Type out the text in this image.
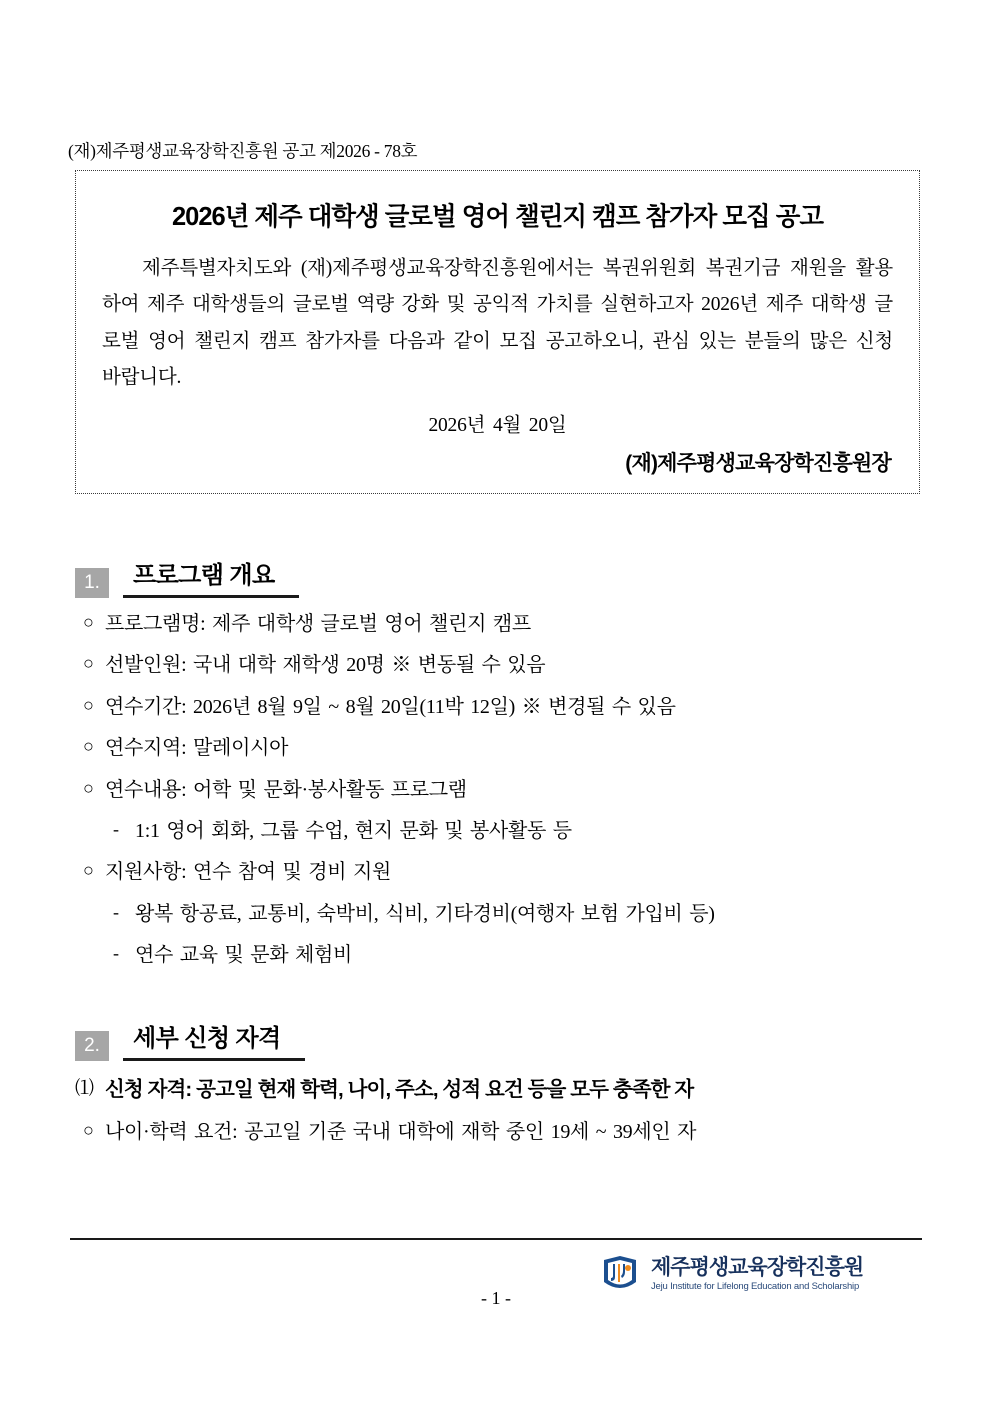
(재)제주평생교육장학진흥원 공고 제2026 - 78호
2026년 제주 대학생 글로벌 영어 챌린지 캠프 참가자 모집 공고
제주특별자치도와 (재)제주평생교육장학진흥원에서는 복권위원회 복권기금 재원을 활용하여 제주 대학생들의 글로벌 역량 강화 및 공익적 가치를 실현하고자 2026년 제주 대학생 글로벌 영어 챌린지 캠프 참가자를 다음과 같이 모집 공고하오니, 관심 있는 분들의 많은 신청 바랍니다.
2026년 4월 20일
(재)제주평생교육장학진흥원장
1.	프로그램 개요
○ 프로그램명: 제주 대학생 글로벌 영어 챌린지 캠프
○ 선발인원: 국내 대학 재학생 20명 ※ 변동될 수 있음
○ 연수기간: 2026년 8월 9일 ~ 8월 20일(11박 12일) ※ 변경될 수 있음
○ 연수지역: 말레이시아
○ 연수내용: 어학 및 문화·봉사활동 프로그램
- 1:1 영어 회화, 그룹 수업, 현지 문화 및 봉사활동 등
○ 지원사항: 연수 참여 및 경비 지원
- 왕복 항공료, 교통비, 숙박비, 식비, 기타경비(여행자 보험 가입비 등)
- 연수 교육 및 문화 체험비
2.	세부 신청 자격
⑴ 신청 자격: 공고일 현재 학력, 나이, 주소, 성적 요건 등을 모두 충족한 자
○ 나이·학력 요건: 공고일 기준 국내 대학에 재학 중인 19세 ~ 39세인 자
제주평생교육장학진흥원
Jeju Institute for Lifelong Education and Scholarship
- 1 -
